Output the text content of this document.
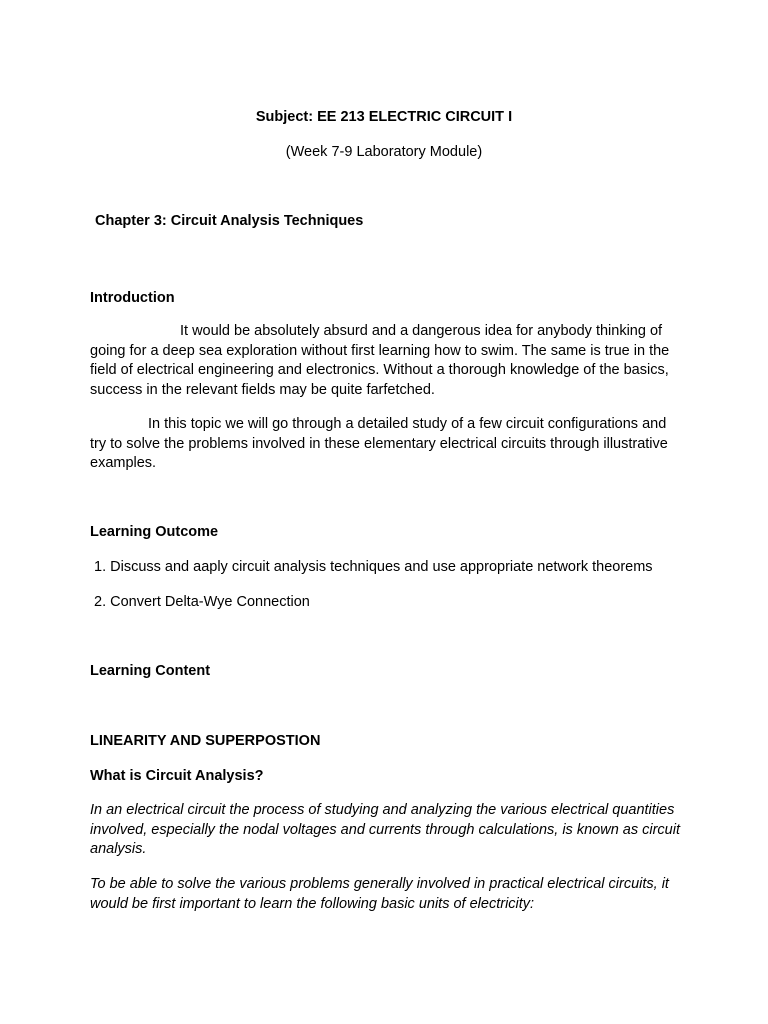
Subject: EE 213 ELECTRIC CIRCUIT I

(Week 7-9 Laboratory Module)

Chapter 3: Circuit Analysis Techniques

Introduction

It would be absolutely absurd and a dangerous idea for anybody thinking of going for a deep sea exploration without first learning how to swim. The same is true in the field of electrical engineering and electronics. Without a thorough knowledge of the basics, success in the relevant fields may be quite farfetched.

In this topic we will go through a detailed study of a few circuit configurations and try to solve the problems involved in these elementary electrical circuits through illustrative examples.

Learning Outcome

1. Discuss and aaply circuit analysis techniques and use appropriate network theorems

2. Convert Delta-Wye Connection

Learning Content

LINEARITY AND SUPERPOSTION

What is Circuit Analysis?

In an electrical circuit the process of studying and analyzing the various electrical quantities involved, especially the nodal voltages and currents through calculations, is known as circuit analysis.

To be able to solve the various problems generally involved in practical electrical circuits, it would be first important to learn the following basic units of electricity:
